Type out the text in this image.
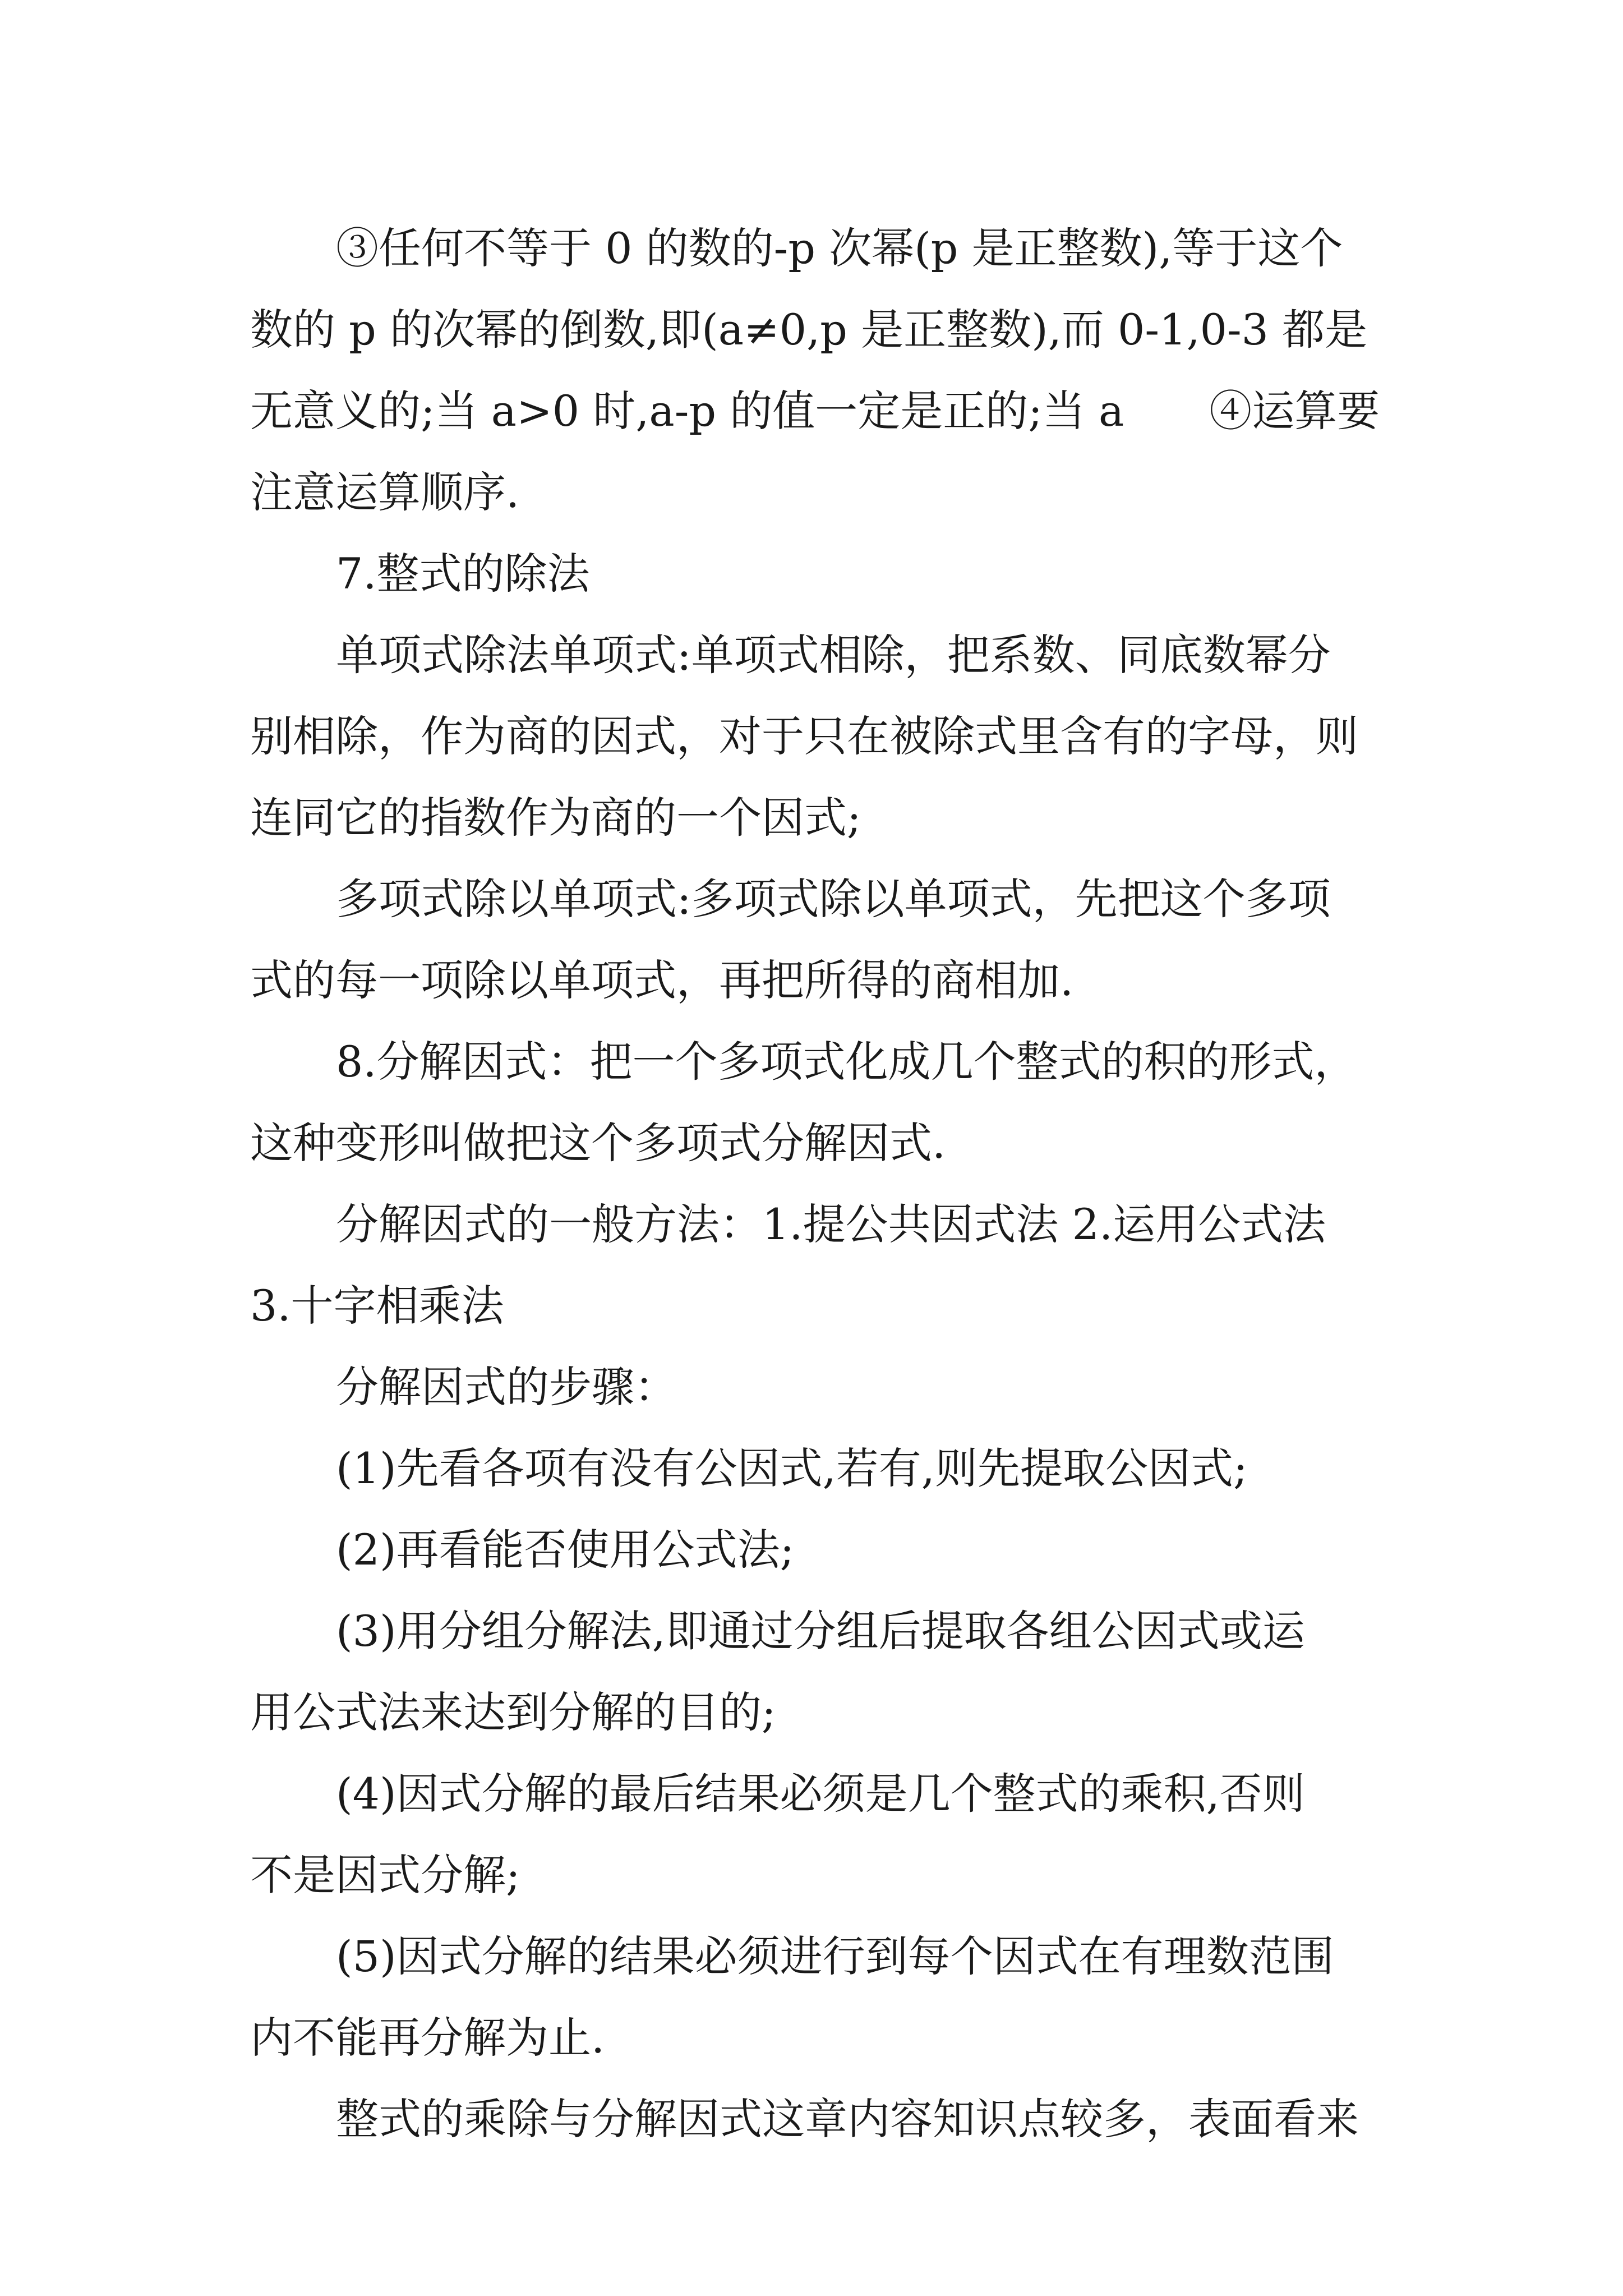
③任何不等于 0 的数的-p 次幂(p 是正整数),等于这个
数的 p 的次幂的倒数,即(a≠0,p 是正整数),而 0-1,0-3 都是
无意义的;当 a>0 时,a-p 的值一定是正的;当 a　　④运算要
注意运算顺序.
7.整式的除法
单项式除法单项式:单项式相除，把系数、同底数幂分
别相除，作为商的因式，对于只在被除式里含有的字母，则
连同它的指数作为商的一个因式;
多项式除以单项式:多项式除以单项式，先把这个多项
式的每一项除以单项式，再把所得的商相加.
8.分解因式：把一个多项式化成几个整式的积的形式，
这种变形叫做把这个多项式分解因式.
分解因式的一般方法：1.提公共因式法 2.运用公式法
3.十字相乘法
分解因式的步骤：
(1)先看各项有没有公因式,若有,则先提取公因式;
(2)再看能否使用公式法;
(3)用分组分解法,即通过分组后提取各组公因式或运
用公式法来达到分解的目的;
(4)因式分解的最后结果必须是几个整式的乘积,否则
不是因式分解;
(5)因式分解的结果必须进行到每个因式在有理数范围
内不能再分解为止.
整式的乘除与分解因式这章内容知识点较多，表面看来
